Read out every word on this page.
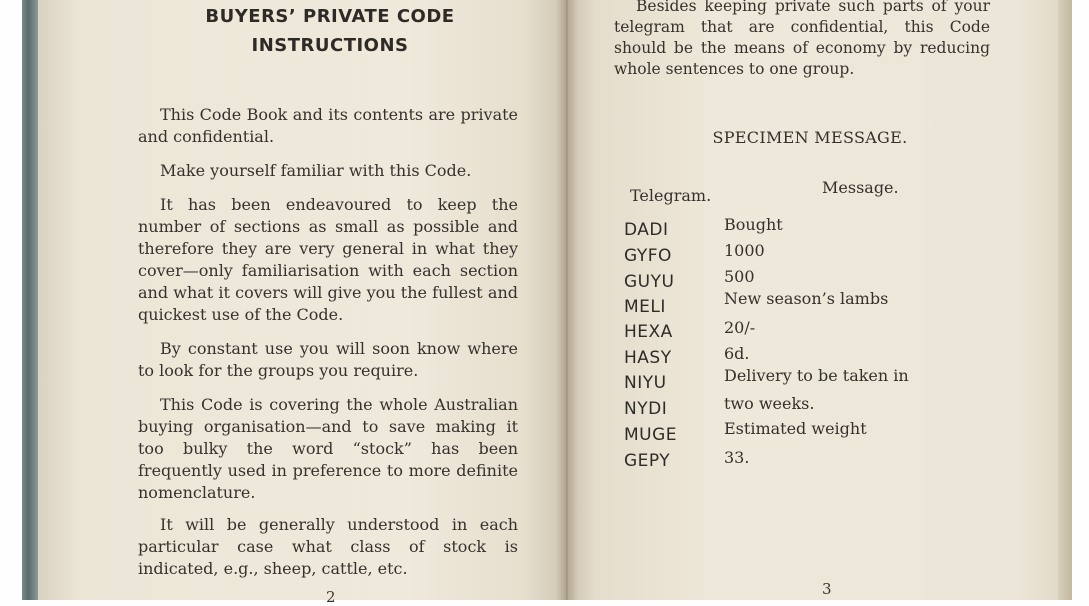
BUYERS’ PRIVATE CODE
INSTRUCTIONS
This Code Book and its contents are private and confidential.
Make yourself familiar with this Code.
It has been endeavoured to keep the number of sections as small as possible and therefore they are very general in what they cover—only familiarisation with each section and what it covers will give you the fullest and quickest use of the Code.
By constant use you will soon know where to look for the groups you require.
This Code is covering the whole Australian buying organisation—and to save making it too bulky the word “stock” has been frequently used in preference to more definite nomenclature.
It will be generally understood in each particular case what class of stock is indicated, e.g., sheep, cattle, etc.
2
Besides keeping private such parts of your telegram that are confidential, this Code should be the means of economy by reducing whole sentences to one group.
SPECIMEN MESSAGE.
Telegram.	Message.
DADI	Bought
GYFO	1000
GUYU	500
MELI	New season’s lambs
HEXA	20/-
HASY	6d.
NIYU	Delivery to be taken in
NYDI	two weeks.
MUGE	Estimated weight
GEPY	33.
3
